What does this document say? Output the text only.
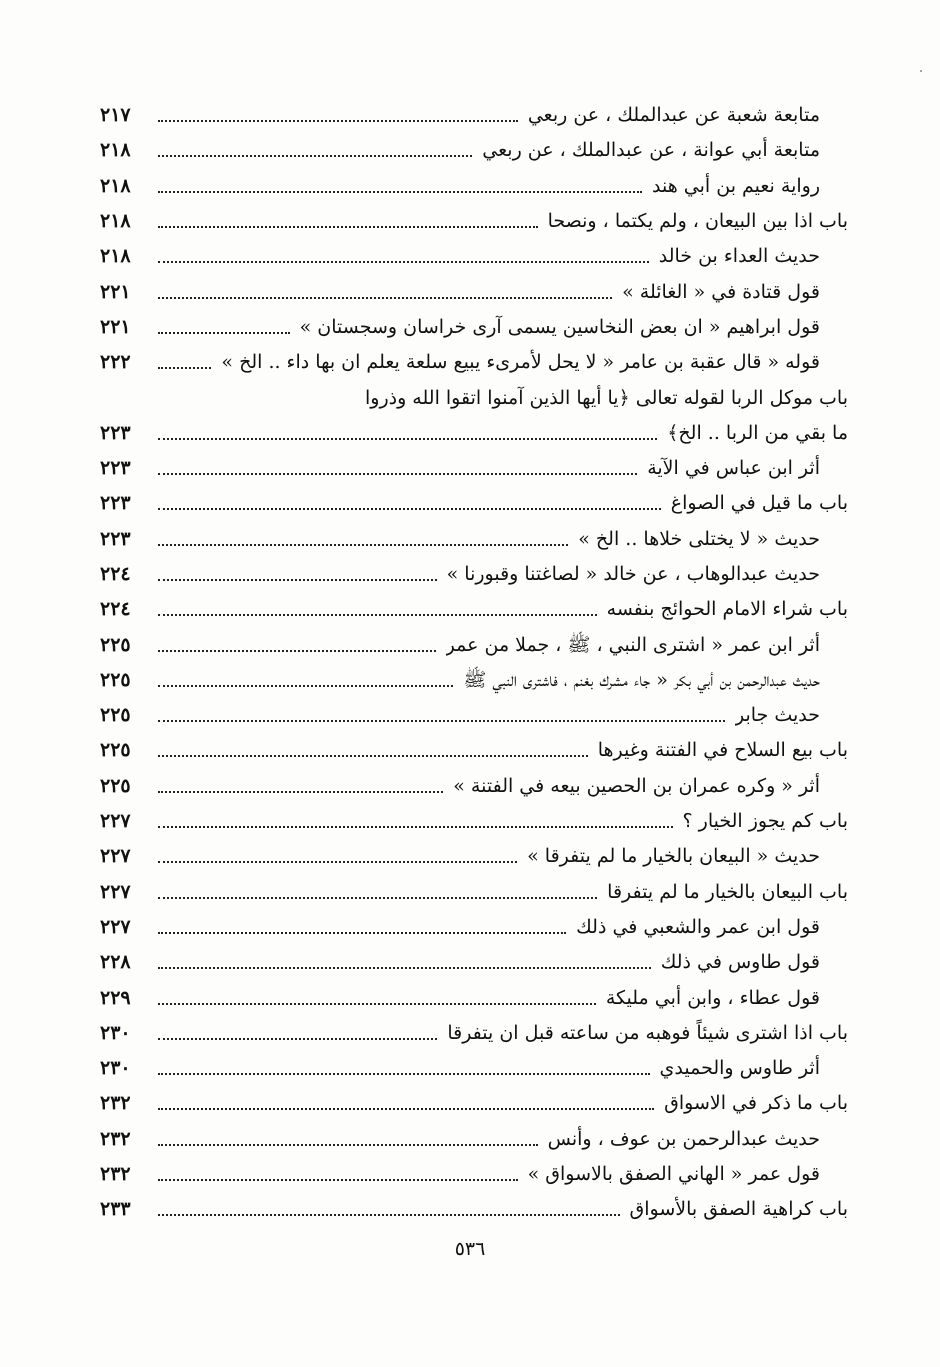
متابعة شعبة عن عبدالملك ، عن ربعي
٢١٧
متابعة أبي عوانة ، عن عبدالملك ، عن ربعي
٢١٨
رواية نعيم بن أبي هند
٢١٨
باب اذا بين البيعان ، ولم يكتما ، ونصحا
٢١٨
حديث العداء بن خالد
٢١٨
قول قتادة في « الغائلة »
٢٢١
قول ابراهيم « ان بعض النخاسين يسمى آرى خراسان وسجستان »
٢٢١
قوله « قال عقبة بن عامر « لا يحل لأمرىء يبيع سلعة يعلم ان بها داء .. الخ »
٢٢٢
باب موكل الربا لقوله تعالى ﴿يا أيها الذين آمنوا اتقوا الله وذروا
ما بقي من الربا .. الخ﴾
٢٢٣
أثر ابن عباس في الآية
٢٢٣
باب ما قيل في الصواغ
٢٢٣
حديث « لا يختلى خلاها .. الخ »
٢٢٣
حديث عبدالوهاب ، عن خالد « لصاغتنا وقبورنا »
٢٢٤
باب شراء الامام الحوائج بنفسه
٢٢٤
أثر ابن عمر « اشترى النبي ، ﷺ ، جملا من عمر
٢٢٥
حديث عبدالرحمن بن أبي بكر « جاء مشرك بغنم ، فاشترى النبي ﷺ
٢٢٥
حديث جابر
٢٢٥
باب بيع السلاح في الفتنة وغيرها
٢٢٥
أثر « وكره عمران بن الحصين بيعه في الفتنة »
٢٢٥
باب كم يجوز الخيار ؟
٢٢٧
حديث « البيعان بالخيار ما لم يتفرقا »
٢٢٧
باب البيعان بالخيار ما لم يتفرقا
٢٢٧
قول ابن عمر والشعبي في ذلك
٢٢٧
قول طاوس في ذلك
٢٢٨
قول عطاء ، وابن أبي مليكة
٢٢٩
باب اذا اشترى شيئاً فوهبه من ساعته قبل ان يتفرقا
٢٣٠
أثر طاوس والحميدي
٢٣٠
باب ما ذكر في الاسواق
٢٣٢
حديث عبدالرحمن بن عوف ، وأنس
٢٣٢
قول عمر « الهاني الصفق بالاسواق »
٢٣٢
باب كراهية الصفق بالأسواق
٢٣٣
٥٣٦
